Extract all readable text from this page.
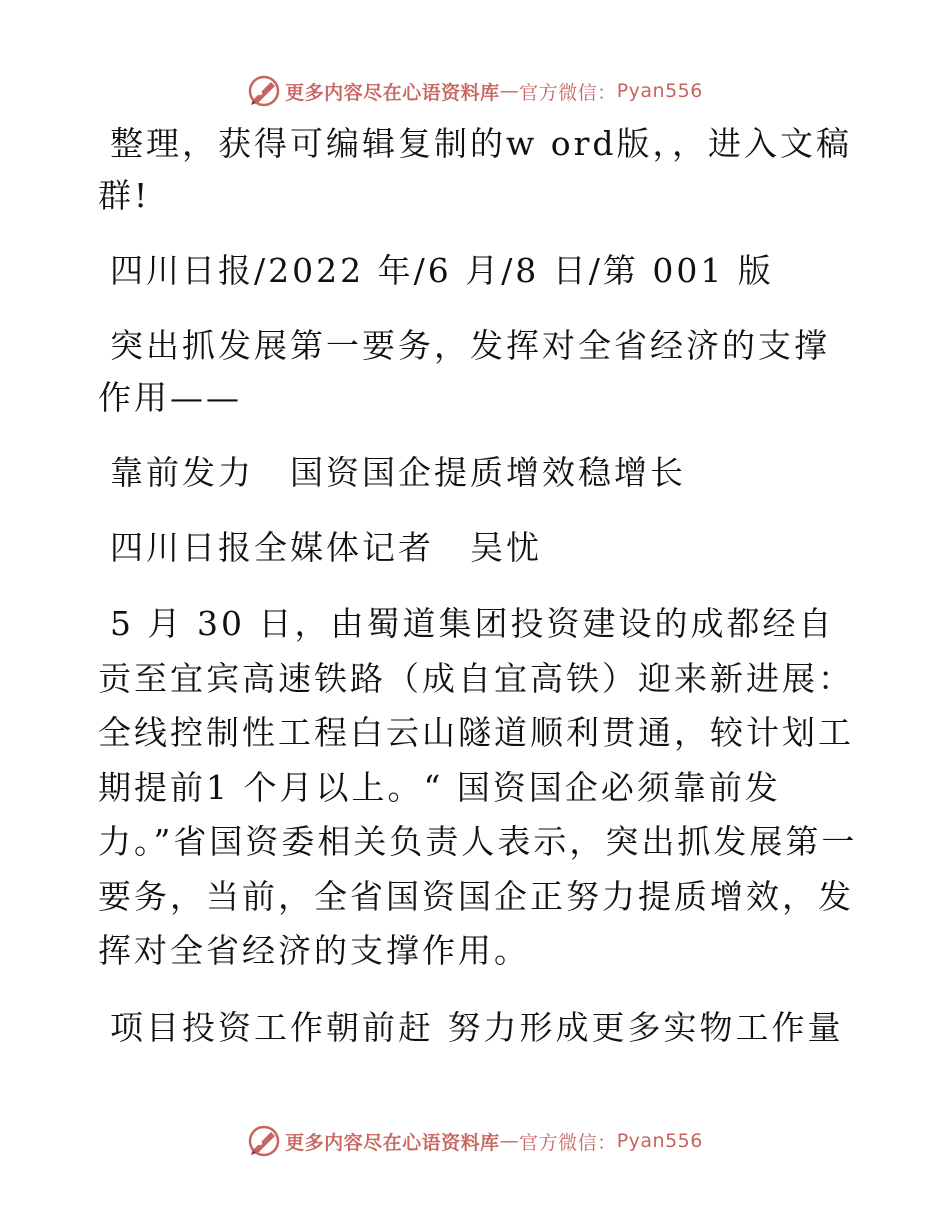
更多内容尽在心语资料库 — 官方微信： Pyan556

整理，获得可编辑复制的w ord版，，进入文稿群!

四川日报/2022 年/6 月/8 日/第 001 版

突出抓发展第一要务，发挥对全省经济的支撑作用——

靠前发力　国资国企提质增效稳增长

四川日报全媒体记者　吴忧

5 月 30 日，由蜀道集团投资建设的成都经自贡至宜宾高速铁路（成自宜高铁）迎来新进展：全线控制性工程白云山隧道顺利贯通，较计划工期提前1 个月以上。“ 国资国企必须靠前发力。”省国资委相关负责人表示，突出抓发展第一要务，当前，全省国资国企正努力提质增效，发挥对全省经济的支撑作用。

项目投资工作朝前赶 努力形成更多实物工作量

更多内容尽在心语资料库 — 官方微信： Pyan556
